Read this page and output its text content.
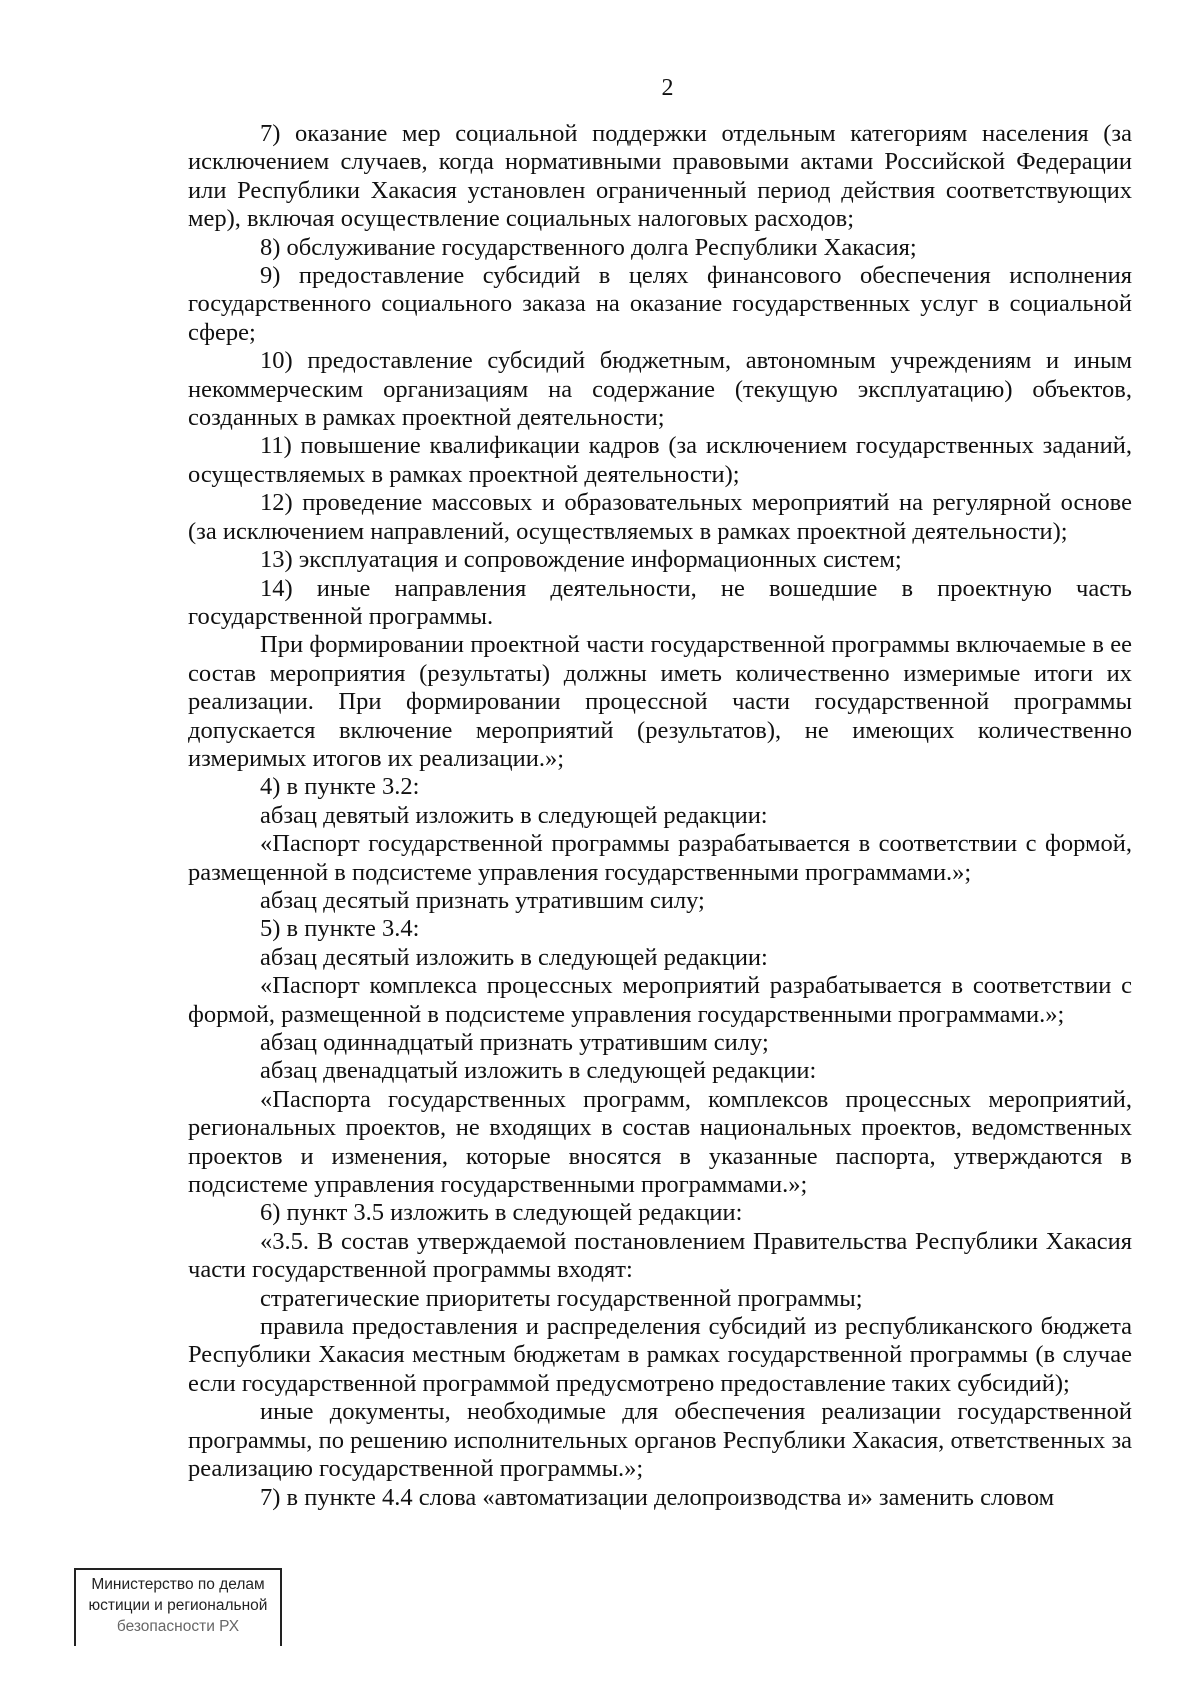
2

7) оказание мер социальной поддержки отдельным категориям населения (за исключением случаев, когда нормативными правовыми актами Российской Федерации или Республики Хакасия установлен ограниченный период действия соответствующих мер), включая осуществление социальных налоговых расходов;

8) обслуживание государственного долга Республики Хакасия;

9) предоставление субсидий в целях финансового обеспечения исполнения государственного социального заказа на оказание государственных услуг в социальной сфере;

10) предоставление субсидий бюджетным, автономным учреждениям и иным некоммерческим организациям на содержание (текущую эксплуатацию) объектов, созданных в рамках проектной деятельности;

11) повышение квалификации кадров (за исключением государственных заданий, осуществляемых в рамках проектной деятельности);

12) проведение массовых и образовательных мероприятий на регулярной основе (за исключением направлений, осуществляемых в рамках проектной деятельности);

13) эксплуатация и сопровождение информационных систем;

14) иные направления деятельности, не вошедшие в проектную часть государственной программы.

При формировании проектной части государственной программы включаемые в ее состав мероприятия (результаты) должны иметь количественно измеримые итоги их реализации. При формировании процессной части государственной программы допускается включение мероприятий (результатов), не имеющих количественно измеримых итогов их реализации.»;

4) в пункте 3.2:

абзац девятый изложить в следующей редакции:

«Паспорт государственной программы разрабатывается в соответствии с формой, размещенной в подсистеме управления государственными программами.»;

абзац десятый признать утратившим силу;

5) в пункте 3.4:

абзац десятый изложить в следующей редакции:

«Паспорт комплекса процессных мероприятий разрабатывается в соответствии с формой, размещенной в подсистеме управления государственными программами.»;

абзац одиннадцатый признать утратившим силу;

абзац двенадцатый изложить в следующей редакции:

«Паспорта государственных программ, комплексов процессных мероприятий, региональных проектов, не входящих в состав национальных проектов, ведомственных проектов и изменения, которые вносятся в указанные паспорта, утверждаются в подсистеме управления государственными программами.»;

6) пункт 3.5 изложить в следующей редакции:

«3.5. В состав утверждаемой постановлением Правительства Республики Хакасия части государственной программы входят:

стратегические приоритеты государственной программы;

правила предоставления и распределения субсидий из республиканского бюджета Республики Хакасия местным бюджетам в рамках государственной программы (в случае если государственной программой предусмотрено предоставление таких субсидий);

иные документы, необходимые для обеспечения реализации государственной программы, по решению исполнительных органов Республики Хакасия, ответственных за реализацию государственной программы.»;

7) в пункте 4.4 слова «автоматизации делопроизводства и» заменить словом

Министерство по делам
юстиции и региональной
безопасности РХ
